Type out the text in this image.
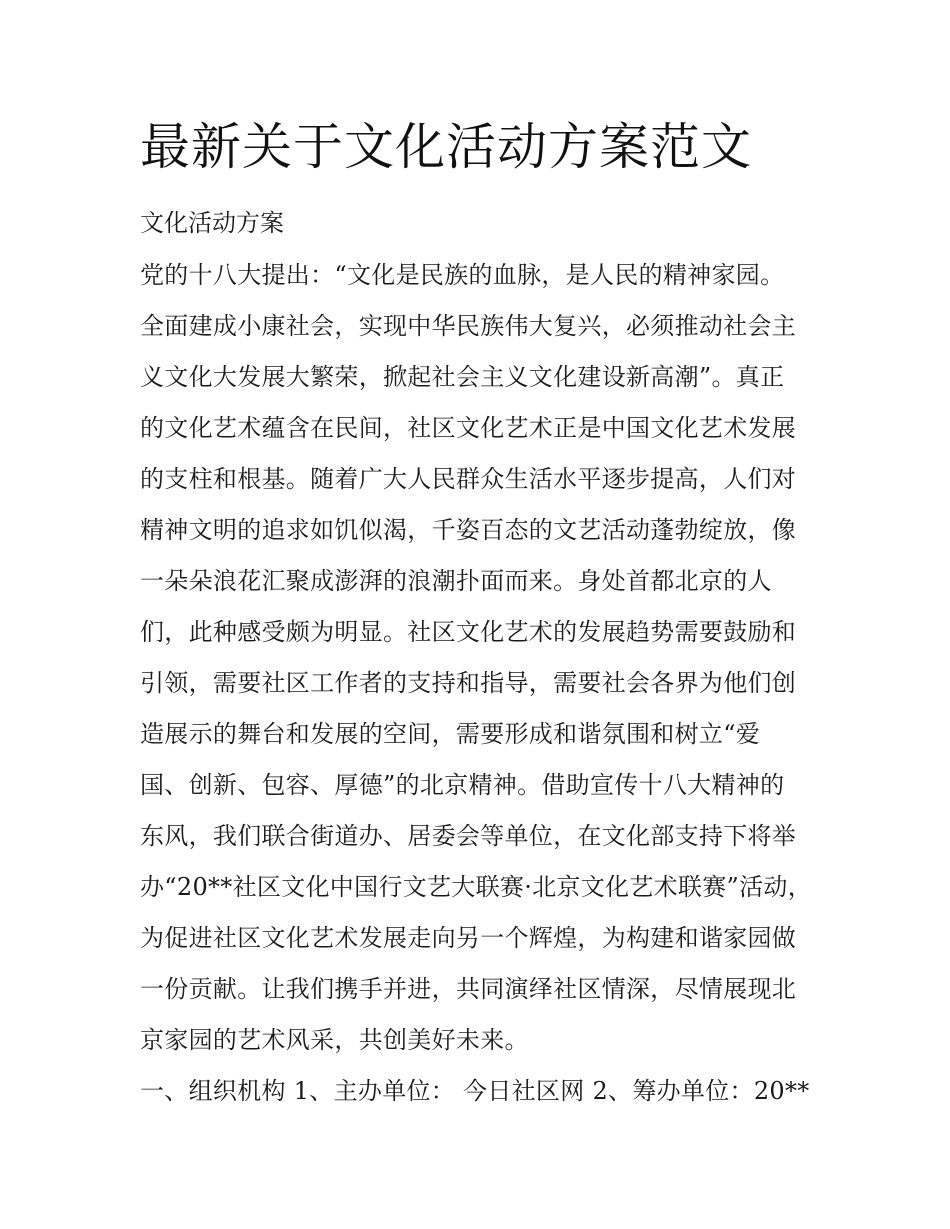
最新关于文化活动方案范文
文化活动方案
党的十八大提出：“文化是民族的血脉，是人民的精神家园。
全面建成小康社会，实现中华民族伟大复兴，必须推动社会主
义文化大发展大繁荣，掀起社会主义文化建设新高潮”。真正
的文化艺术蕴含在民间，社区文化艺术正是中国文化艺术发展
的支柱和根基。随着广大人民群众生活水平逐步提高，人们对
精神文明的追求如饥似渴，千姿百态的文艺活动蓬勃绽放，像
一朵朵浪花汇聚成澎湃的浪潮扑面而来。身处首都北京的人
们，此种感受颇为明显。社区文化艺术的发展趋势需要鼓励和
引领，需要社区工作者的支持和指导，需要社会各界为他们创
造展示的舞台和发展的空间，需要形成和谐氛围和树立“爱
国、创新、包容、厚德”的北京精神。借助宣传十八大精神的
东风，我们联合街道办、居委会等单位，在文化部支持下将举
办“20**社区文化中国行文艺大联赛·北京文化艺术联赛”活动，
为促进社区文化艺术发展走向另一个辉煌，为构建和谐家园做
一份贡献。让我们携手并进，共同演绎社区情深，尽情展现北
京家园的艺术风采，共创美好未来。
一、组织机构 1、主办单位： 今日社区网 2、筹办单位：20**
